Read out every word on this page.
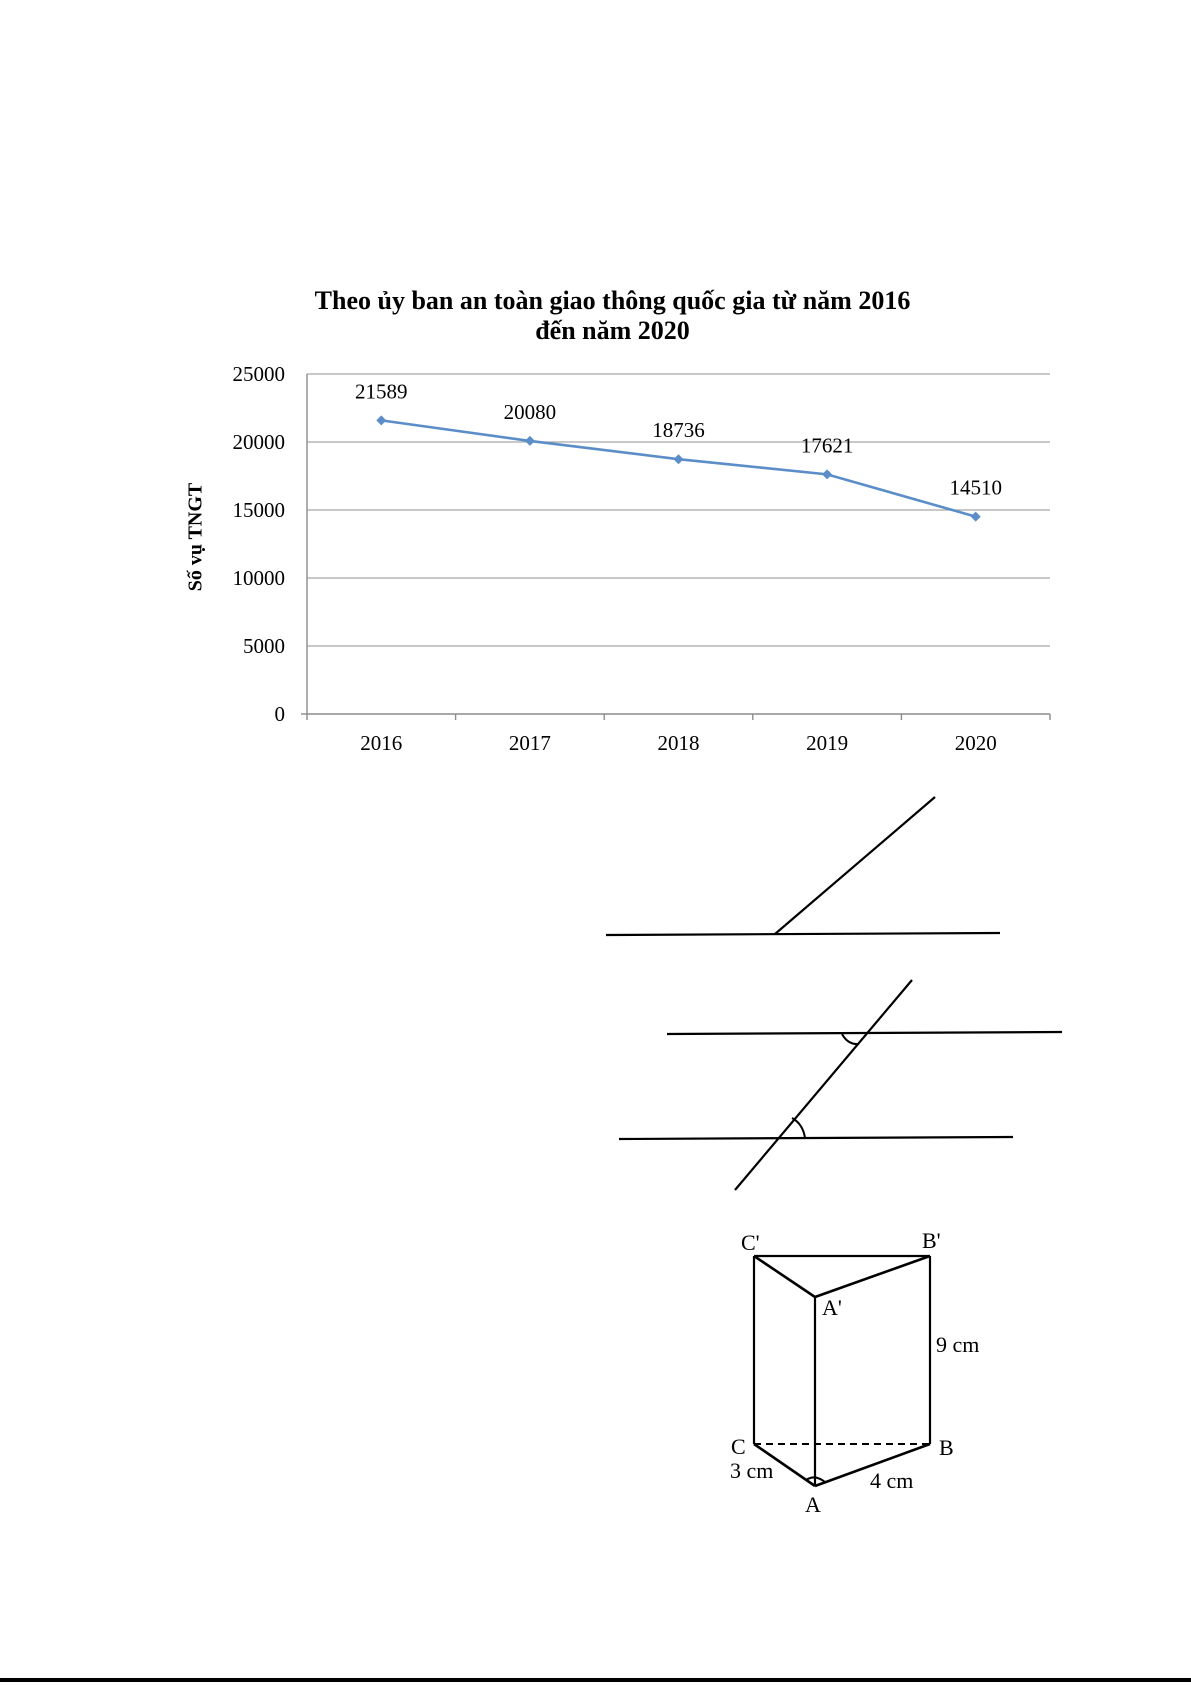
Theo ủy ban an toàn giao thông quốc gia từ năm 2016
đến năm 2020
Số vụ TNGT
0
5000
10000
15000
20000
25000
2016	2017	2018	2019	2020
21589
20080
18736
17621
14510
C'	B'
A'
9 cm
C	B
3 cm	4 cm
A
